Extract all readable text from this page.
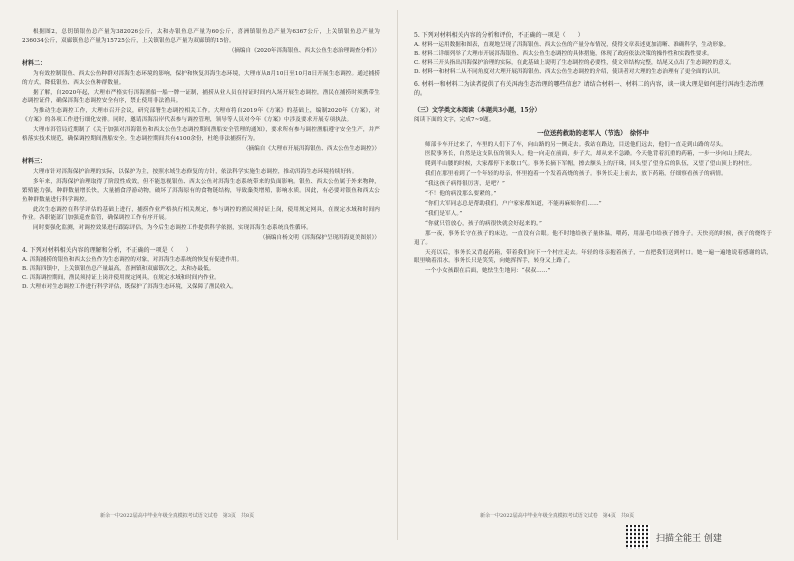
根据图2，总钥镇银鱼总产量为382026公斤，太和办银鱼总产量为60公斤，喜洲镇银鱼总产量为6367公斤，上关镇银鱼总产量为236034公斤，双廊镇鱼总产量为15725公斤，上关镇银鱼总产量为双廊镇的15倍。

（摘编自《2020年洱海银鱼、西太公鱼生态治理调查分析》）

材料二：

为有效控制银鱼、西太公鱼种群对洱海生态环境的影响，保护和恢复洱海生态环境，大理市从8月10日至10月8日开展生态调控。通过捕捞的方式，降低银鱼、西太公鱼种群数量。

据了解，自2020年起，大理市严格实行洱海渔船一船一牌一证制，捕捞从业人员在持证时间内入场开展生态调控，渔民在捕捞时须携带生态调控证件，确保洱海生态调控安全有序，禁止使用非法渔具。

为推动生态调控工作，大理市召开会议，研究部署生态调控相关工作。大理市将自2019年《方案》的基础上，编制2020年《方案》，对《方案》的各项工作进行细化安排。同时，邀请洱海沿岸代表参与调控管理，领导等人员对今年《方案》中涉及要求开展专项执法。

大理市洱管局近期制了《关于加强对洱海银鱼和西太公鱼生态调控期间渔船安全管理的通知》，要求所有参与调控渔船遵守安全生产，并严格落实技术规范，确保调控期间渔船安全。生态调控期间共有4100余份，杜绝非法捕捞行为。

（摘编自《大理市开展洱海银鱼、西太公鱼生态调控》）

材料三：

大理市针对洱海保护治理的实际，以保护为主，按照水域生态修复的方针，依法科学实施生态调控，推动洱海生态环境持续好转。

多年来，洱海保护治理取得了阶段性成效，但不能忽视银鱼、西太公鱼对洱海生态系统带来的负面影响。银鱼、西太公鱼属于外来物种，繁殖能力强，种群数量增长快，大量捕食浮游动物，破坏了洱海原有的食物链结构，导致藻类增殖，影响水质。因此，有必要对银鱼和西太公鱼种群数量进行科学调控。

此次生态调控在科学评估的基础上进行，捕捞作业严格执行相关规定，参与调控的渔民须持证上岗，使用规定网具，在规定水域和时间内作业。各职能部门加强巡查监管，确保调控工作有序开展。

同时要强化监测，对调控效果进行跟踪评估，为今后生态调控工作提供科学依据，实现洱海生态系统良性循环。

（摘编自杨文明《洱海保护呈现洱海更美图景》）

4. 下列对材料相关内容的理解和分析，不正确的一项是（　　）

A. 洱海捕捞的银鱼和西太公鱼作为生态调控的对象，对洱海生态系统的恢复有促进作用。

B. 洱海四镇中，上关镇银鱼总产量最高，喜洲镇和双廊镇次之，太和办最低。

C. 洱海调控期间，渔民须持证上岗并使用规定网具，在规定水域和时间内作业。

D. 大理市对生态调控工作进行科学评估，既保护了洱海生态环境，又保障了渔民收入。

新余一中2022届高中毕业年级全真模拟考试语文试卷　第3页　共8页

5. 下列对材料相关内容的分析和评价，不正确的一项是（　　）

A. 材料一运用数据和图表，直观地呈现了洱海银鱼、西太公鱼的产量分布情况，使得文章表述更加清晰、准确科学，生动形象。

B. 材料二详细列举了大理市开展洱海银鱼、西太公鱼生态调控的具体措施，体现了政府依法决策的操作性和实践性要求。

C. 材料三开头指出洱海保护治理的实际，在此基础上说明了生态调控的必要性，使文章结构完整，结尾又点出了生态调控的意义。

D. 材料一和材料二从不同角度对大理开展洱海银鱼、西太公鱼生态调控的介绍，使读者对大理的生态治理有了更全面的认识。

6. 材料一和材料二为读者提供了有关洱海生态治理的哪些信息？请结合材料一、材料二的内容，谈一谈大理是如何进行洱海生态治理的。

（三）文学类文本阅读（本题共3小题，15分）

阅读下面的文字，完成7~9题。

一位送药救助的老军人（节选）　徐怀中

师部卡车开过来了，车里的人们下了车，向山路的另一侧走去。我站在路边，目送他们远去，他们一直走到山路的尽头。

医院事务长，自然是这支队伍的领头人。他一向走在前面，步子大，却从来不急躁。今天他背着沉重的药箱，一步一步向山上爬去。

爬到半山腰的时候，大家都停下来歇口气。事务长摘下军帽，擦去额头上的汗珠，回头望了望身后的队伍，又望了望山顶上的村庄。

我们在那里看到了一个年轻的母亲，怀里抱着一个发着高烧的孩子。事务长走上前去，放下药箱，仔细察看孩子的病情。

“我这孩子病得很厉害，是吧？”

“不！他的病没那么要紧的。”

“你们大军同志总是帮助我们，户户家家都知道，不能再麻烦你们……”

“我们是军人。”

“你就只管放心，孩子的病很快就会好起来的。”

那一夜，事务长守在孩子的床边，一直没有合眼。他不时地给孩子量体温，喂药，用湿毛巾给孩子擦身子。天快亮的时候，孩子的烧终于退了。

天亮以后，事务长又背起药箱，带着我们向下一个村庄走去。年轻的母亲抱着孩子，一直把我们送到村口。她一遍一遍地说着感谢的话，眼里噙着泪水。事务长只是笑笑，向她挥挥手，转身又上路了。

一个小女孩跟在后面，她怯生生地问：“叔叔……”

新余一中2022届高中毕业年级全真模拟考试语文试卷　第4页　共8页
扫描全能王 创建
